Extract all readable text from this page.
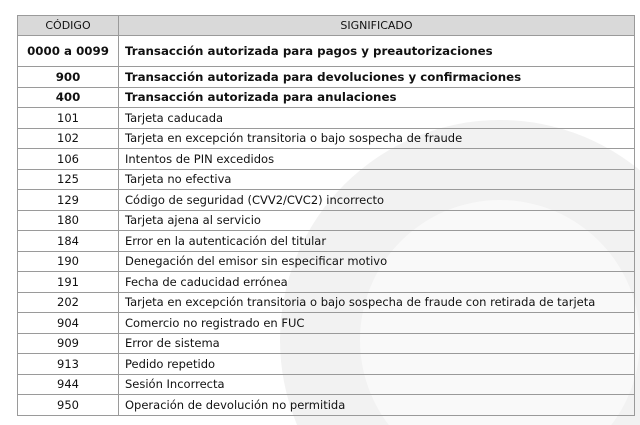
CÓDIGO	SIGNIFICADO
0000 a 0099	Transacción autorizada para pagos y preautorizaciones
900	Transacción autorizada para devoluciones y confirmaciones
400	Transacción autorizada para anulaciones
101	Tarjeta caducada
102	Tarjeta en excepción transitoria o bajo sospecha de fraude
106	Intentos de PIN excedidos
125	Tarjeta no efectiva
129	Código de seguridad (CVV2/CVC2) incorrecto
180	Tarjeta ajena al servicio
184	Error en la autenticación del titular
190	Denegación del emisor sin especificar motivo
191	Fecha de caducidad errónea
202	Tarjeta en excepción transitoria o bajo sospecha de fraude con retirada de tarjeta
904	Comercio no registrado en FUC
909	Error de sistema
913	Pedido repetido
944	Sesión Incorrecta
950	Operación de devolución no permitida
